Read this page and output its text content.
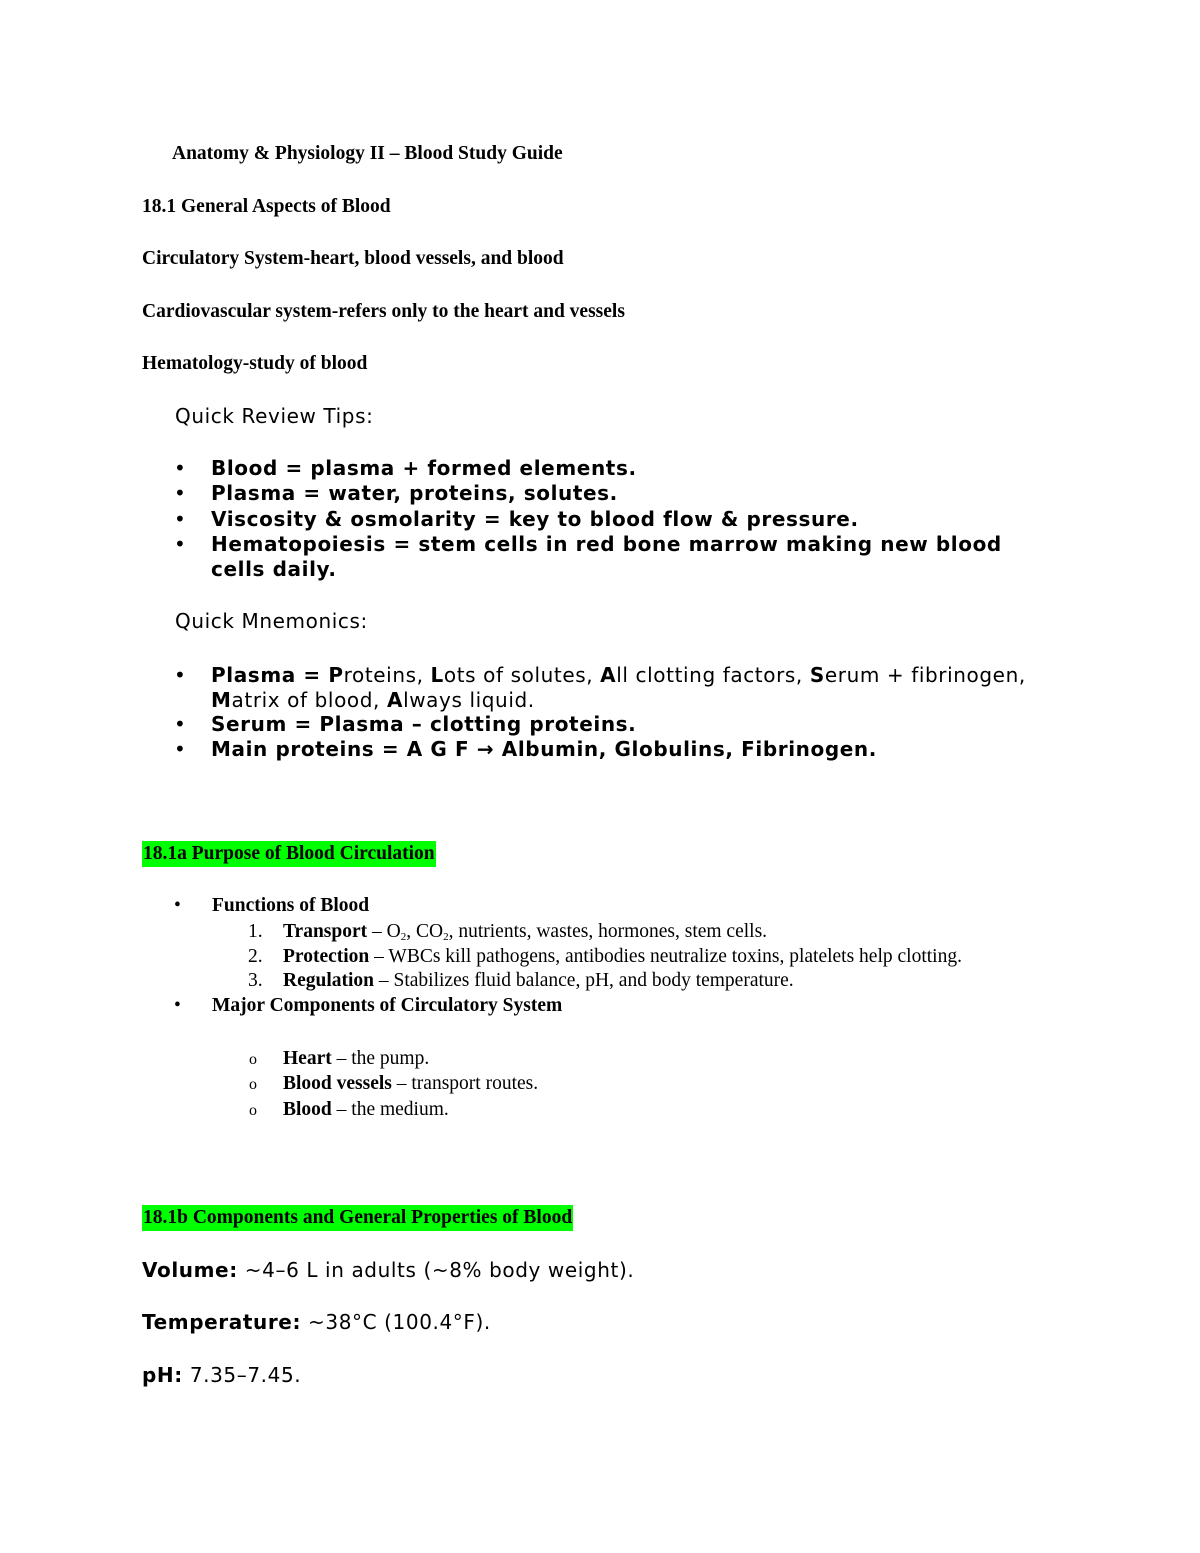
Anatomy & Physiology II – Blood Study Guide
18.1 General Aspects of Blood
Circulatory System-heart, blood vessels, and blood
Cardiovascular system-refers only to the heart and vessels
Hematology-study of blood
Quick Review Tips:
• Blood = plasma + formed elements.
• Plasma = water, proteins, solutes.
• Viscosity & osmolarity = key to blood flow & pressure.
• Hematopoiesis = stem cells in red bone marrow making new blood
cells daily.
Quick Mnemonics:
• Plasma = Proteins, Lots of solutes, All clotting factors, Serum + fibrinogen,
Matrix of blood, Always liquid.
• Serum = Plasma – clotting proteins.
• Main proteins = A G F → Albumin, Globulins, Fibrinogen.
18.1a Purpose of Blood Circulation
• Functions of Blood
1. Transport – $O_2$, $CO_2$, nutrients, wastes, hormones, stem cells.
2. Protection – WBCs kill pathogens, antibodies neutralize toxins, platelets help clotting.
3. Regulation – Stabilizes fluid balance, pH, and body temperature.
• Major Components of Circulatory System
o Heart – the pump.
o Blood vessels – transport routes.
o Blood – the medium.
18.1b Components and General Properties of Blood
Volume: ~4–6 L in adults (~8% body weight).
Temperature: ~38°C (100.4°F).
pH: 7.35–7.45.
